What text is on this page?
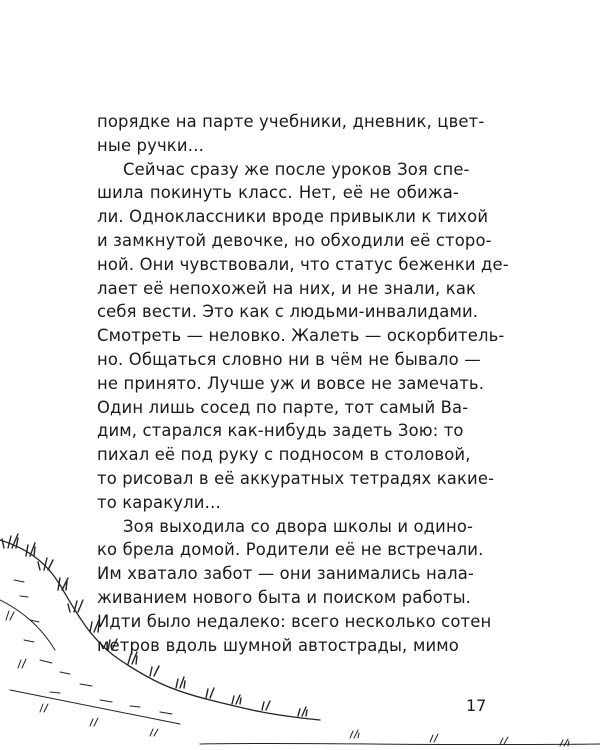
порядке на парте учебники, дневник, цвет-
ные ручки…
Сейчас сразу же после уроков Зоя спе-
шила покинуть класс. Нет, её не обижа-
ли. Одноклассники вроде привыкли к тихой
и замкнутой девочке, но обходили её сторо-
ной. Они чувствовали, что статус беженки де-
лает её непохожей на них, и не знали, как
себя вести. Это как с людьми-инвалидами.
Смотреть — неловко. Жалеть — оскорбитель-
но. Общаться словно ни в чём не бывало —
не принято. Лучше уж и вовсе не замечать.
Один лишь сосед по парте, тот самый Ва-
дим, старался как-нибудь задеть Зою: то
пихал её под руку с подносом в столовой,
то рисовал в её аккуратных тетрадях какие-
то каракули…
Зоя выходила со двора школы и одино-
ко брела домой. Родители её не встречали.
Им хватало забот — они занимались нала-
живанием нового быта и поиском работы.
Идти было недалеко: всего несколько сотен
метров вдоль шумной автострады, мимо
17
